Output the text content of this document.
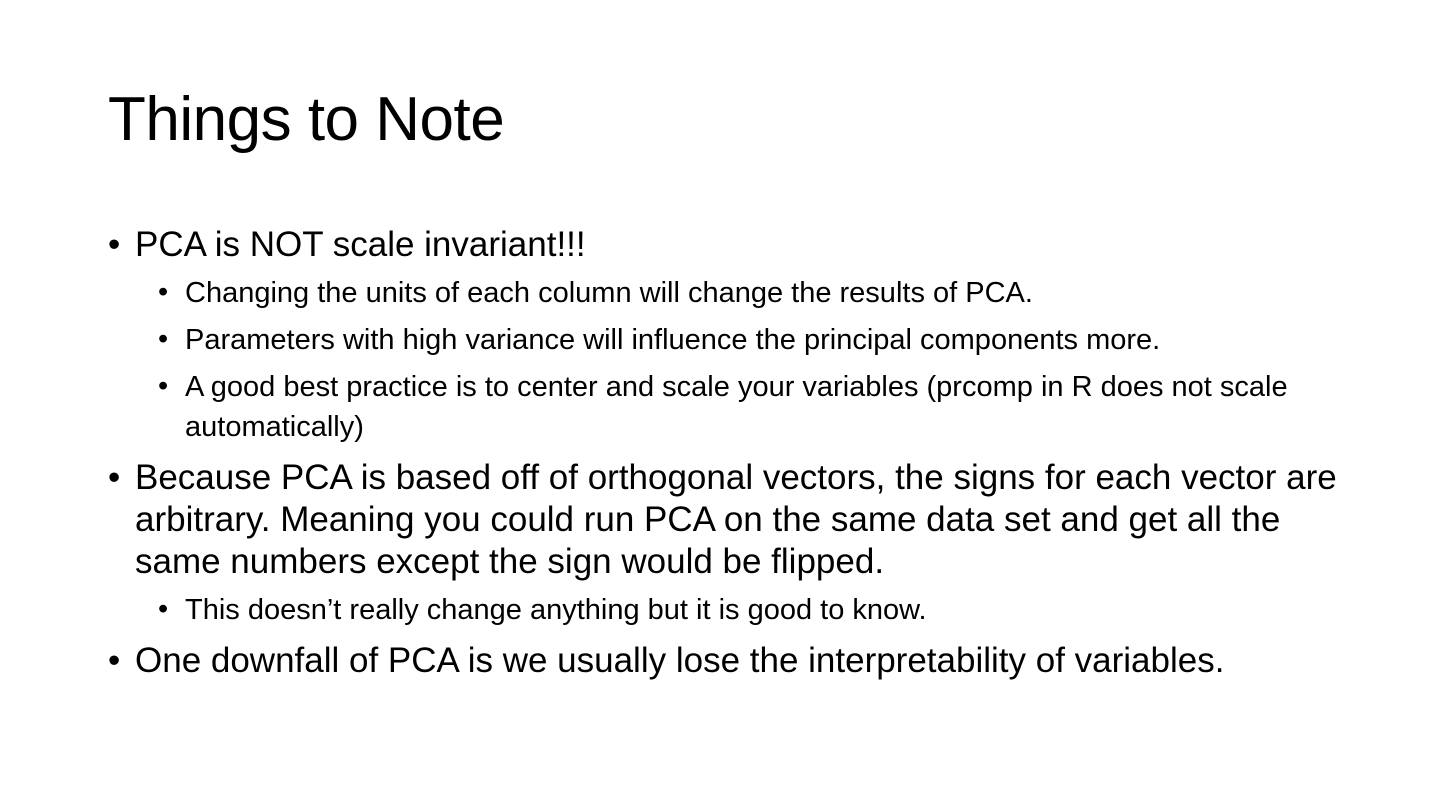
Things to Note
• PCA is NOT scale invariant!!!
• Changing the units of each column will change the results of PCA.
• Parameters with high variance will influence the principal components more.
• A good best practice is to center and scale your variables (prcomp in R does not scale automatically)
• Because PCA is based off of orthogonal vectors, the signs for each vector are arbitrary. Meaning you could run PCA on the same data set and get all the same numbers except the sign would be flipped.
• This doesn’t really change anything but it is good to know.
• One downfall of PCA is we usually lose the interpretability of variables.
